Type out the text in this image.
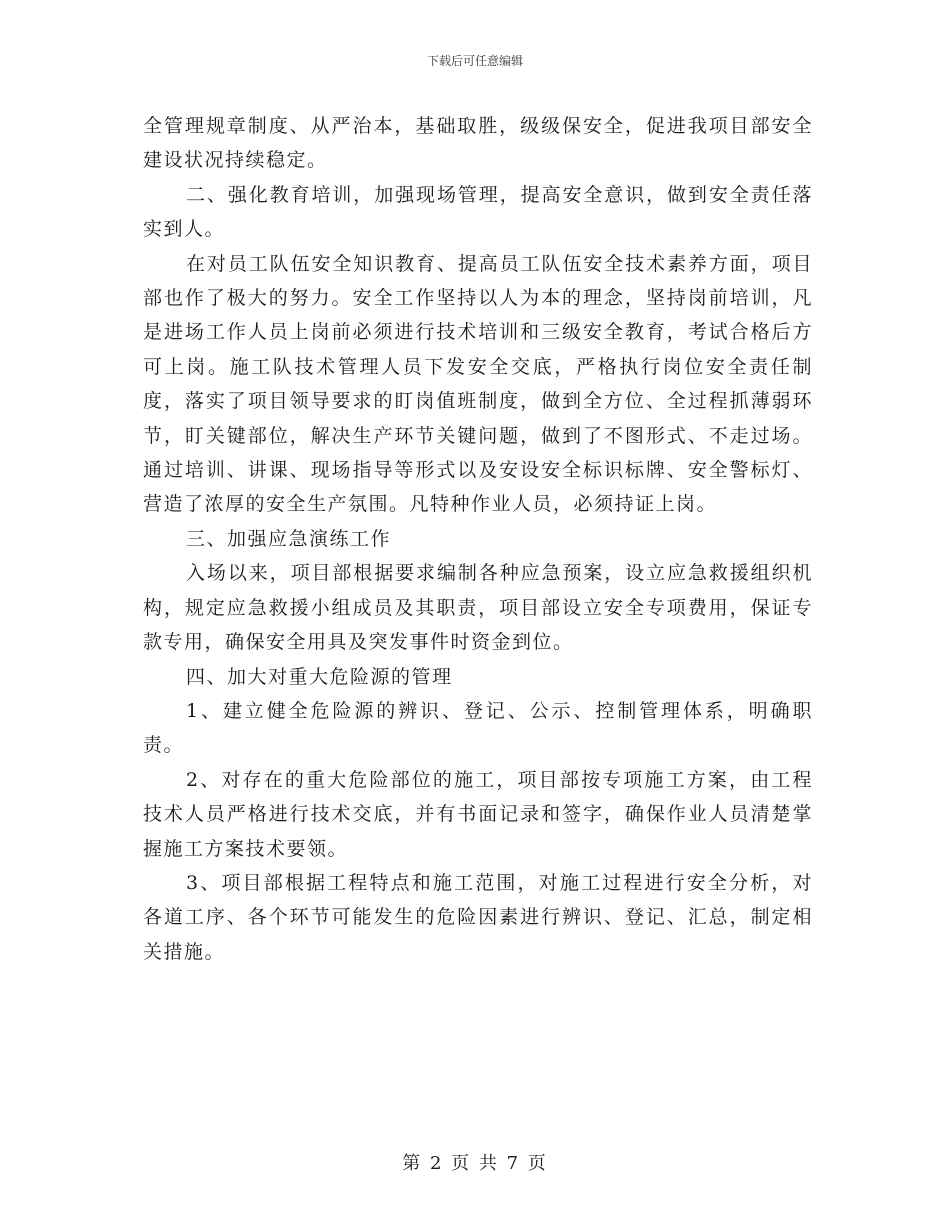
下载后可任意编辑

全管理规章制度、从严治本，基础取胜，级级保安全，促进我项目部安全建设状况持续稳定。

二、强化教育培训，加强现场管理，提高安全意识，做到安全责任落实到人。

在对员工队伍安全知识教育、提高员工队伍安全技术素养方面，项目部也作了极大的努力。安全工作坚持以人为本的理念，坚持岗前培训，凡是进场工作人员上岗前必须进行技术培训和三级安全教育，考试合格后方可上岗。施工队技术管理人员下发安全交底，严格执行岗位安全责任制度，落实了项目领导要求的盯岗值班制度，做到全方位、全过程抓薄弱环节，盯关键部位，解决生产环节关键问题，做到了不图形式、不走过场。通过培训、讲课、现场指导等形式以及安设安全标识标牌、安全警标灯、营造了浓厚的安全生产氛围。凡特种作业人员，必须持证上岗。

三、加强应急演练工作

入场以来，项目部根据要求编制各种应急预案，设立应急救援组织机构，规定应急救援小组成员及其职责，项目部设立安全专项费用，保证专款专用，确保安全用具及突发事件时资金到位。

四、加大对重大危险源的管理

1、建立健全危险源的辨识、登记、公示、控制管理体系，明确职责。

2、对存在的重大危险部位的施工，项目部按专项施工方案，由工程技术人员严格进行技术交底，并有书面记录和签字，确保作业人员清楚掌握施工方案技术要领。

3、项目部根据工程特点和施工范围，对施工过程进行安全分析，对各道工序、各个环节可能发生的危险因素进行辨识、登记、汇总，制定相关措施。

第 2 页 共 7 页
